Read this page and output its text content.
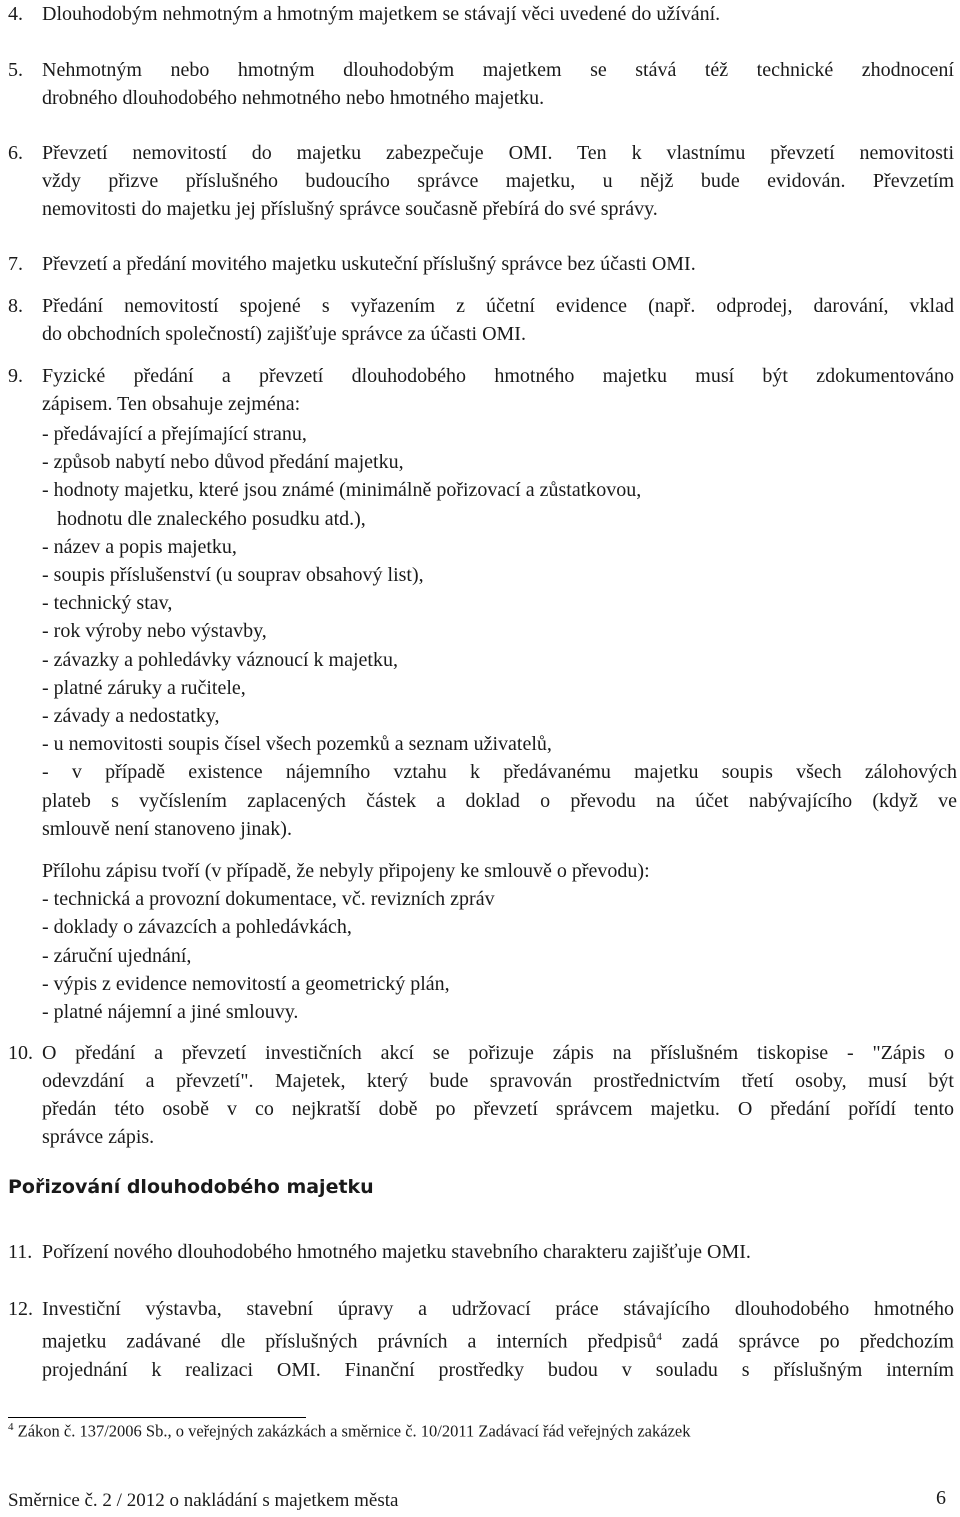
4. Dlouhodobým nehmotným a hmotným majetkem se stávají věci uvedené do užívání.
5. Nehmotným nebo hmotným dlouhodobým majetkem se stává též technické zhodnocení
drobného dlouhodobého nehmotného nebo hmotného majetku.
6. Převzetí nemovitostí do majetku zabezpečuje OMI. Ten k vlastnímu převzetí nemovitosti
vždy přizve příslušného budoucího správce majetku, u nějž bude evidován. Převzetím
nemovitosti do majetku jej příslušný správce současně přebírá do své správy.
7. Převzetí a předání movitého majetku uskuteční příslušný správce bez účasti OMI.
8. Předání nemovitostí spojené s vyřazením z účetní evidence (např. odprodej, darování, vklad
do obchodních společností) zajišťuje správce za účasti OMI.
9. Fyzické předání a převzetí dlouhodobého hmotného majetku musí být zdokumentováno
zápisem. Ten obsahuje zejména:
- předávající a přejímající stranu,
- způsob nabytí nebo důvod předání majetku,
- hodnoty majetku, které jsou známé (minimálně pořizovací a zůstatkovou,
hodnotu dle znaleckého posudku atd.),
- název a popis majetku,
- soupis příslušenství (u souprav obsahový list),
- technický stav,
- rok výroby nebo výstavby,
- závazky a pohledávky váznoucí k majetku,
- platné záruky a ručitele,
- závady a nedostatky,
- u nemovitosti soupis čísel všech pozemků a seznam uživatelů,
- v případě existence nájemního vztahu k předávanému majetku soupis všech zálohových
plateb s vyčíslením zaplacených částek a doklad o převodu na účet nabývajícího (když ve
smlouvě není stanoveno jinak).
Přílohu zápisu tvoří (v případě, že nebyly připojeny ke smlouvě o převodu):
- technická a provozní dokumentace, vč. revizních zpráv
- doklady o závazcích a pohledávkách,
- záruční ujednání,
- výpis z evidence nemovitostí a geometrický plán,
- platné nájemní a jiné smlouvy.
10. O předání a převzetí investičních akcí se pořizuje zápis na příslušném tiskopise - "Zápis o
odevzdání a převzetí". Majetek, který bude spravován prostřednictvím třetí osoby, musí být
předán této osobě v co nejkratší době po převzetí správcem majetku. O předání pořídí tento
správce zápis.
Pořizování dlouhodobého majetku
11. Pořízení nového dlouhodobého hmotného majetku stavebního charakteru zajišťuje OMI.
12. Investiční výstavba, stavební úpravy a udržovací práce stávajícího dlouhodobého hmotného
majetku zadávané dle příslušných právních a interních předpisů$^4$ zadá správce po předchozím
projednání k realizaci OMI. Finanční prostředky budou v souladu s příslušným interním
$^4$ Zákon č. 137/2006 Sb., o veřejných zakázkách a směrnice č. 10/2011 Zadávací řád veřejných zakázek
Směrnice č. 2 / 2012 o nakládání s majetkem města	6
